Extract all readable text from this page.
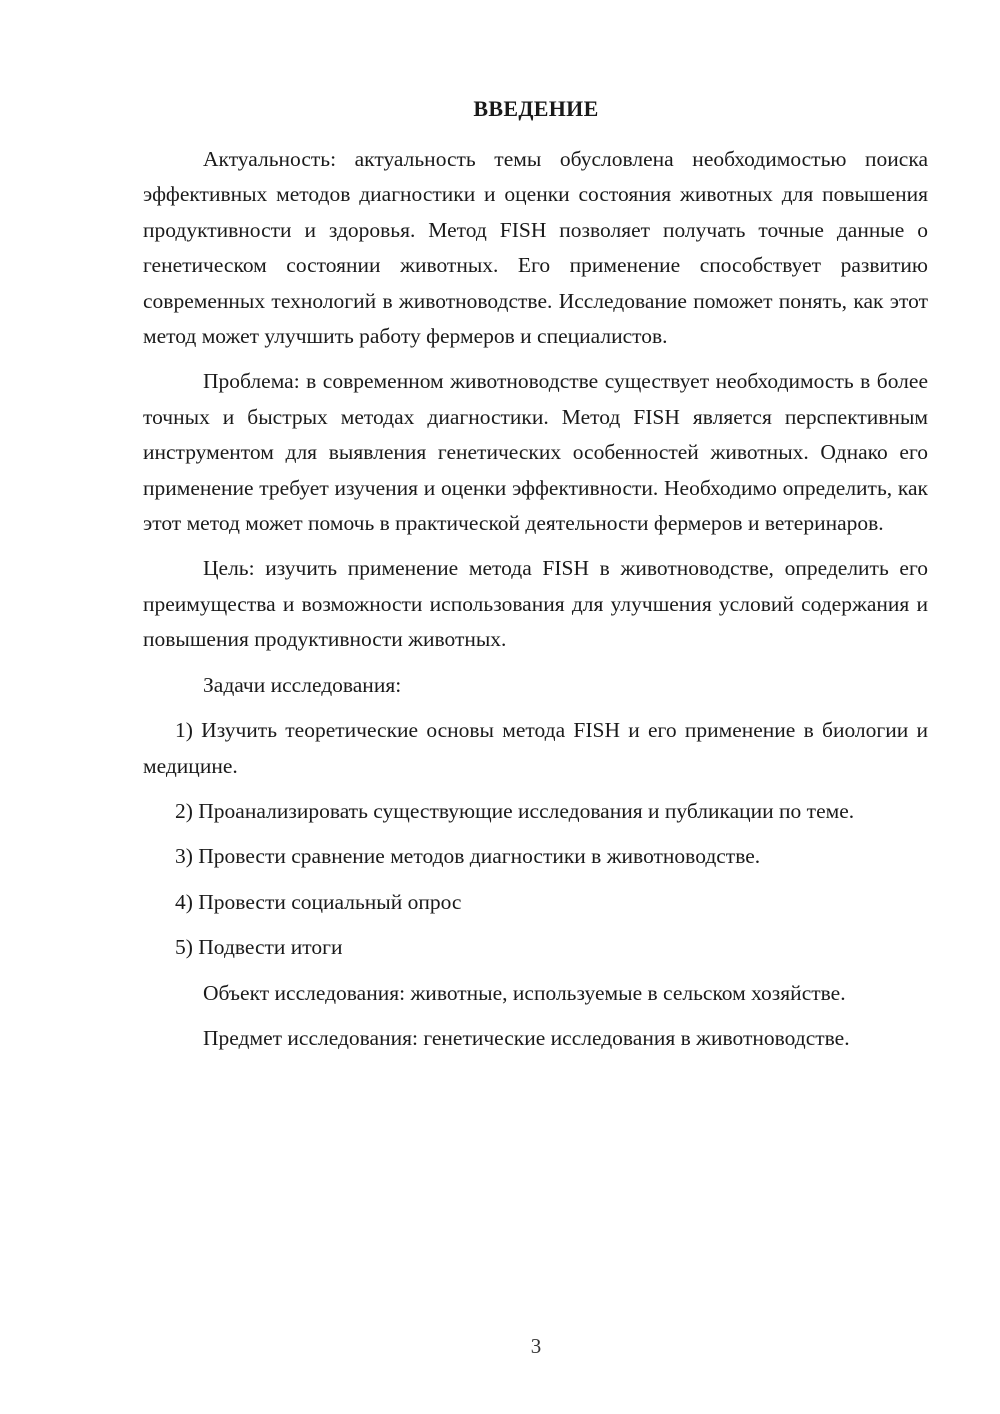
ВВЕДЕНИЕ

Актуальность: актуальность темы обусловлена необходимостью поиска эффективных методов диагностики и оценки состояния животных для повышения продуктивности и здоровья. Метод FISH позволяет получать точные данные о генетическом состоянии животных. Его применение способствует развитию современных технологий в животноводстве. Исследование поможет понять, как этот метод может улучшить работу фермеров и специалистов.

Проблема: в современном животноводстве существует необходимость в более точных и быстрых методах диагностики. Метод FISH является перспективным инструментом для выявления генетических особенностей животных. Однако его применение требует изучения и оценки эффективности. Необходимо определить, как этот метод может помочь в практической деятельности фермеров и ветеринаров.

Цель: изучить применение метода FISH в животноводстве, определить его преимущества и возможности использования для улучшения условий содержания и повышения продуктивности животных.

Задачи исследования:

1) Изучить теоретические основы метода FISH и его применение в биологии и медицине.

2) Проанализировать существующие исследования и публикации по теме.

3) Провести сравнение методов диагностики в животноводстве.

4) Провести социальный опрос

5) Подвести итоги

Объект исследования: животные, используемые в сельском хозяйстве.

Предмет исследования: генетические исследования в животноводстве.

3
